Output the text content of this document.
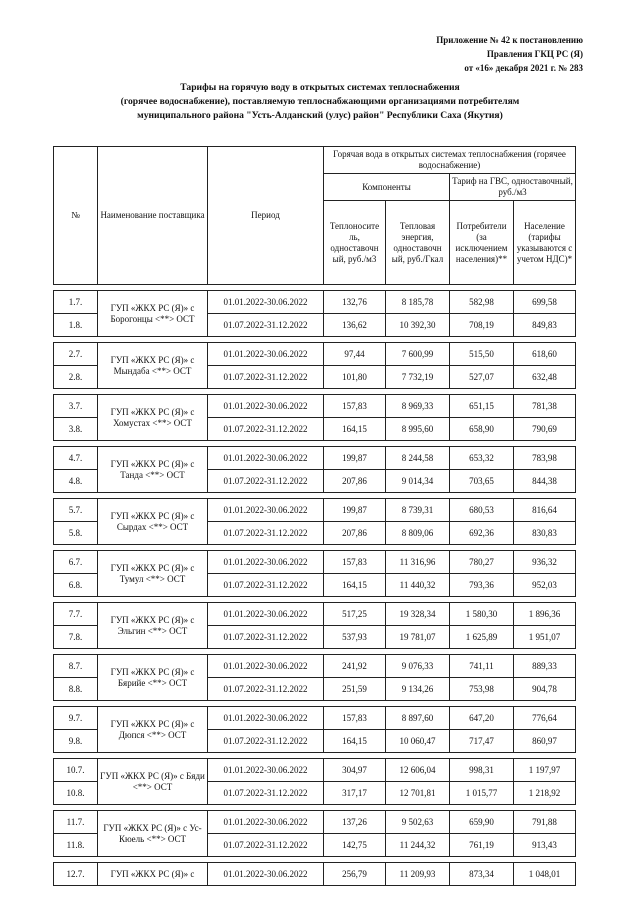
Приложение № 42 к постановлению
Правления ГКЦ РС (Я)
от «16» декабря 2021 г. № 283
Тарифы на горячую воду в открытых системах теплоснабжения
(горячее водоснабжение), поставляемую теплоснабжающими организациями потребителям
муниципального района "Усть-Алданский (улус) район" Республики Саха (Якутия)
№	Наименование поставщика	Период	Горячая вода в открытых системах теплоснабжения (горячее водоснабжение)			
			Компоненты		Тариф на ГВС, одноставочный, руб./м3	
			Теплоносите ль, одноставочн ый, руб./м3	Тепловая энергия, одноставочн ый, руб./Гкал	Потребители (за исключением населения)**	Население (тарифы указываются с учетом НДС)*

1.7.	ГУП «ЖКХ РС (Я)» с Борогонцы <**> ОСТ	01.01.2022-30.06.2022	132,76	8 185,78	582,98	699,58
1.8.		01.07.2022-31.12.2022	136,62	10 392,30	708,19	849,83

2.7.	ГУП «ЖКХ РС (Я)» с Мындаба <**> ОСТ	01.01.2022-30.06.2022	97,44	7 600,99	515,50	618,60
2.8.		01.07.2022-31.12.2022	101,80	7 732,19	527,07	632,48

3.7.	ГУП «ЖКХ РС (Я)» с Хомустах <**> ОСТ	01.01.2022-30.06.2022	157,83	8 969,33	651,15	781,38
3.8.		01.07.2022-31.12.2022	164,15	8 995,60	658,90	790,69

4.7.	ГУП «ЖКХ РС (Я)» с Танда <**> ОСТ	01.01.2022-30.06.2022	199,87	8 244,58	653,32	783,98
4.8.		01.07.2022-31.12.2022	207,86	9 014,34	703,65	844,38

5.7.	ГУП «ЖКХ РС (Я)» с Сырдах <**> ОСТ	01.01.2022-30.06.2022	199,87	8 739,31	680,53	816,64
5.8.		01.07.2022-31.12.2022	207,86	8 809,06	692,36	830,83

6.7.	ГУП «ЖКХ РС (Я)» с Тумул <**> ОСТ	01.01.2022-30.06.2022	157,83	11 316,96	780,27	936,32
6.8.		01.07.2022-31.12.2022	164,15	11 440,32	793,36	952,03

7.7.	ГУП «ЖКХ РС (Я)» с Эльгин <**> ОСТ	01.01.2022-30.06.2022	517,25	19 328,34	1 580,30	1 896,36
7.8.		01.07.2022-31.12.2022	537,93	19 781,07	1 625,89	1 951,07

8.7.	ГУП «ЖКХ РС (Я)» с Бярийе <**> ОСТ	01.01.2022-30.06.2022	241,92	9 076,33	741,11	889,33
8.8.		01.07.2022-31.12.2022	251,59	9 134,26	753,98	904,78

9.7.	ГУП «ЖКХ РС (Я)» с Дюпся <**> ОСТ	01.01.2022-30.06.2022	157,83	8 897,60	647,20	776,64
9.8.		01.07.2022-31.12.2022	164,15	10 060,47	717,47	860,97

10.7.	ГУП «ЖКХ РС (Я)» с Бяди <**> ОСТ	01.01.2022-30.06.2022	304,97	12 606,04	998,31	1 197,97
10.8.		01.07.2022-31.12.2022	317,17	12 701,81	1 015,77	1 218,92

11.7.	ГУП «ЖКХ РС (Я)» с Ус-Кюель <**> ОСТ	01.01.2022-30.06.2022	137,26	9 502,63	659,90	791,88
11.8.		01.07.2022-31.12.2022	142,75	11 244,32	761,19	913,43

12.7.	ГУП «ЖКХ РС (Я)» с	01.01.2022-30.06.2022	256,79	11 209,93	873,34	1 048,01
